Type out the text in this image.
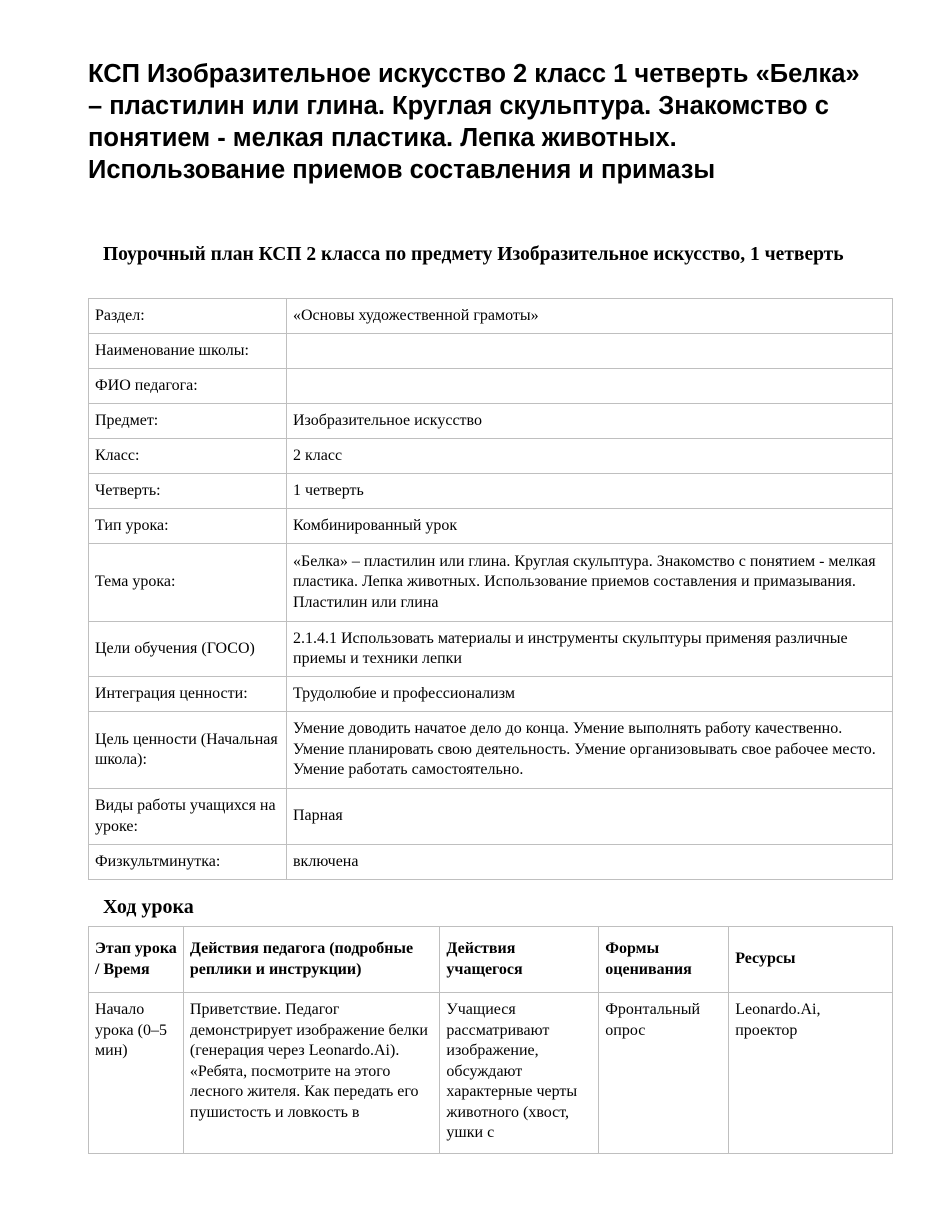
КСП Изобразительное искусство 2 класс 1 четверть «Белка» – пластилин или глина. Круглая скульптура. Знакомство с понятием - мелкая пластика. Лепка животных. Использование приемов составления и примазы
Поурочный план КСП 2 класса по предмету Изобразительное искусство, 1 четверть
Раздел:	«Основы художественной грамоты»
Наименование школы:	
ФИО педагога:	
Предмет:	Изобразительное искусство
Класс:	2 класс
Четверть:	1 четверть
Тип урока:	Комбинированный урок
Тема урока:	«Белка» – пластилин или глина. Круглая скульптура. Знакомство с понятием - мелкая пластика. Лепка животных. Использование приемов составления и примазывания. Пластилин или глина
Цели обучения (ГОСО)	2.1.4.1 Использовать материалы и инструменты скульптуры применяя различные приемы и техники лепки
Интеграция ценности:	Трудолюбие и профессионализм
Цель ценности (Начальная школа):	Умение доводить начатое дело до конца. Умение выполнять работу качественно. Умение планировать свою деятельность. Умение организовывать свое рабочее место. Умение работать самостоятельно.
Виды работы учащихся на уроке:	Парная
Физкультминутка:	включена
Ход урока
Этап урока / Время	Действия педагога (подробные реплики и инструкции)	Действия учащегося	Формы оценивания	Ресурсы

Начало урока (0–5 мин)	Приветствие. Педагог демонстрирует изображение белки (генерация через Leonardo.Ai). «Ребята, посмотрите на этого лесного жителя. Как передать его пушистость и ловкость в	Учащиеся рассматривают изображение, обсуждают характерные черты животного (хвост, ушки с	Фронтальный опрос	Leonardo.Ai, проектор
